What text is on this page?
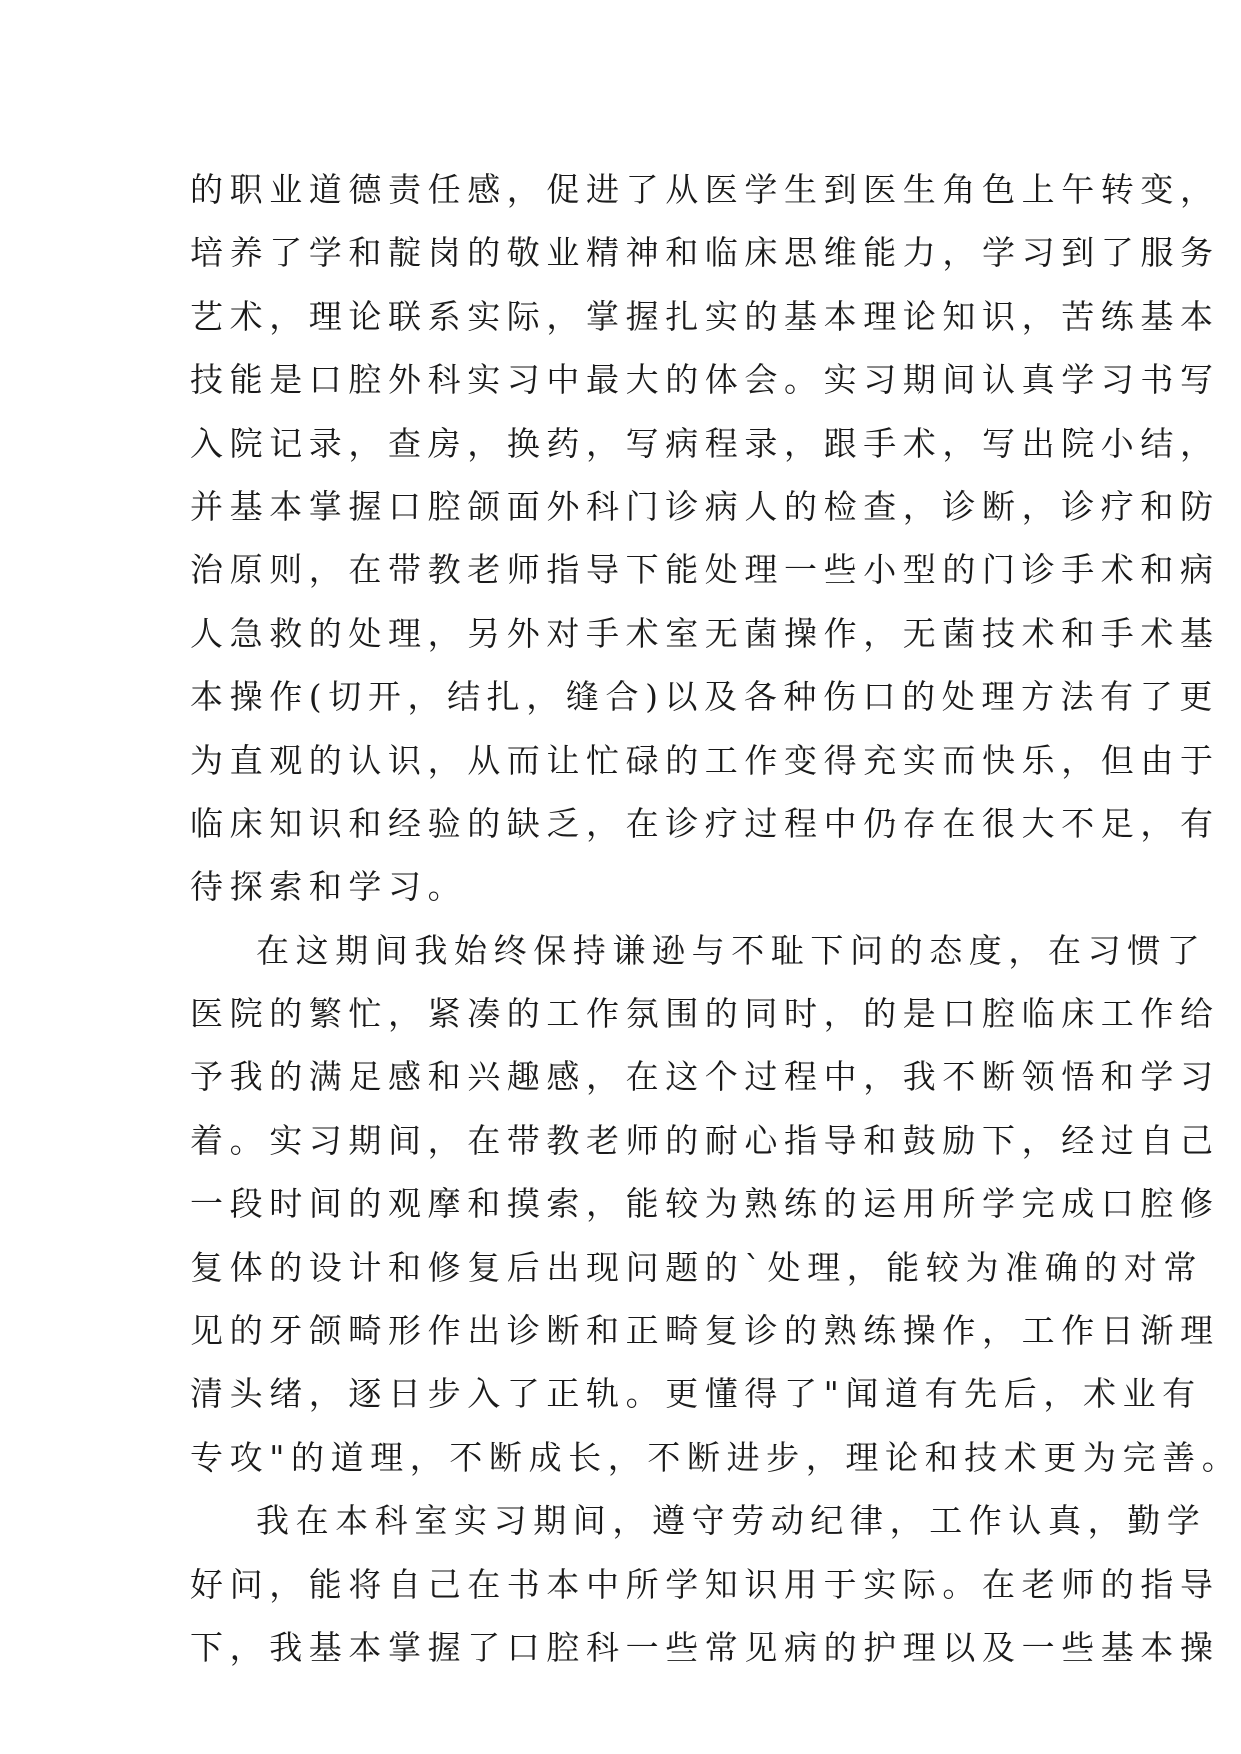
的职业道德责任感，促进了从医学生到医生角色上午转变，
培养了学和靛岗的敬业精神和临床思维能力，学习到了服务
艺术，理论联系实际，掌握扎实的基本理论知识，苦练基本
技能是口腔外科实习中最大的体会。实习期间认真学习书写
入院记录，查房，换药，写病程录，跟手术，写出院小结，
并基本掌握口腔颌面外科门诊病人的检查，诊断，诊疗和防
治原则，在带教老师指导下能处理一些小型的门诊手术和病
人急救的处理，另外对手术室无菌操作，无菌技术和手术基
本操作(切开，结扎，缝合)以及各种伤口的处理方法有了更
为直观的认识，从而让忙碌的工作变得充实而快乐，但由于
临床知识和经验的缺乏，在诊疗过程中仍存在很大不足，有
待探索和学习。
在这期间我始终保持谦逊与不耻下问的态度，在习惯了
医院的繁忙，紧凑的工作氛围的同时，的是口腔临床工作给
予我的满足感和兴趣感，在这个过程中，我不断领悟和学习
着。实习期间，在带教老师的耐心指导和鼓励下，经过自己
一段时间的观摩和摸索，能较为熟练的运用所学完成口腔修
复体的设计和修复后出现问题的`处理，能较为准确的对常
见的牙颌畸形作出诊断和正畸复诊的熟练操作，工作日渐理
清头绪，逐日步入了正轨。更懂得了"闻道有先后，术业有
专攻"的道理，不断成长，不断进步，理论和技术更为完善。
我在本科室实习期间，遵守劳动纪律，工作认真，勤学
好问，能将自己在书本中所学知识用于实际。在老师的指导
下，我基本掌握了口腔科一些常见病的护理以及一些基本操
